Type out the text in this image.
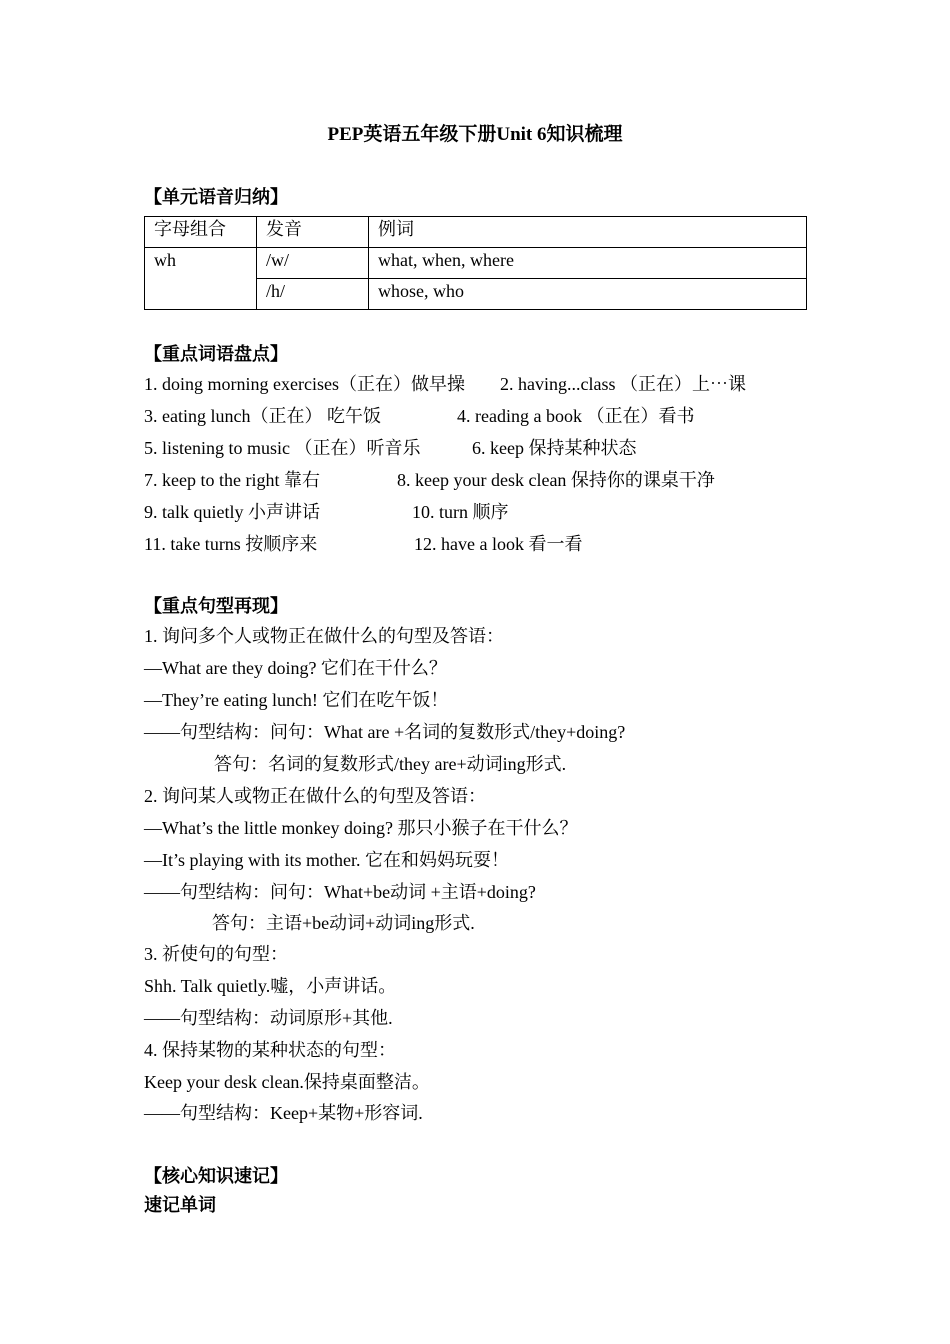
PEP英语五年级下册Unit 6知识梳理
【单元语音归纳】
字母组合	发音	例词
wh	/w/	what, when, where
	/h/	whose, who
【重点词语盘点】
1. doing morning exercises（正在）做早操 2. having...class （正在）上⋯课
3. eating lunch（正在） 吃午饭	4. reading a book （正在）看书
5. listening to music （正在）听音乐	6. keep 保持某种状态
7. keep to the right 靠右	8. keep your desk clean 保持你的课桌干净
9. talk quietly 小声讲话	10. turn 顺序
11. take turns 按顺序来	12. have a look 看一看
【重点句型再现】
1. 询问多个人或物正在做什么的句型及答语：
—What are they doing? 它们在干什么？
—They’re eating lunch! 它们在吃午饭！
——句型结构：问句：What are +名词的复数形式/they+doing?
答句：名词的复数形式/they are+动词ing形式.
2. 询问某人或物正在做什么的句型及答语：
—What’s the little monkey doing? 那只小猴子在干什么？
—It’s playing with its mother. 它在和妈妈玩耍！
——句型结构：问句：What+be动词 +主语+doing?
答句：主语+be动词+动词ing形式.
3. 祈使句的句型：
Shh. Talk quietly.嘘，小声讲话。
——句型结构：动词原形+其他.
4. 保持某物的某种状态的句型：
Keep your desk clean.保持桌面整洁。
——句型结构：Keep+某物+形容词.
【核心知识速记】
速记单词
